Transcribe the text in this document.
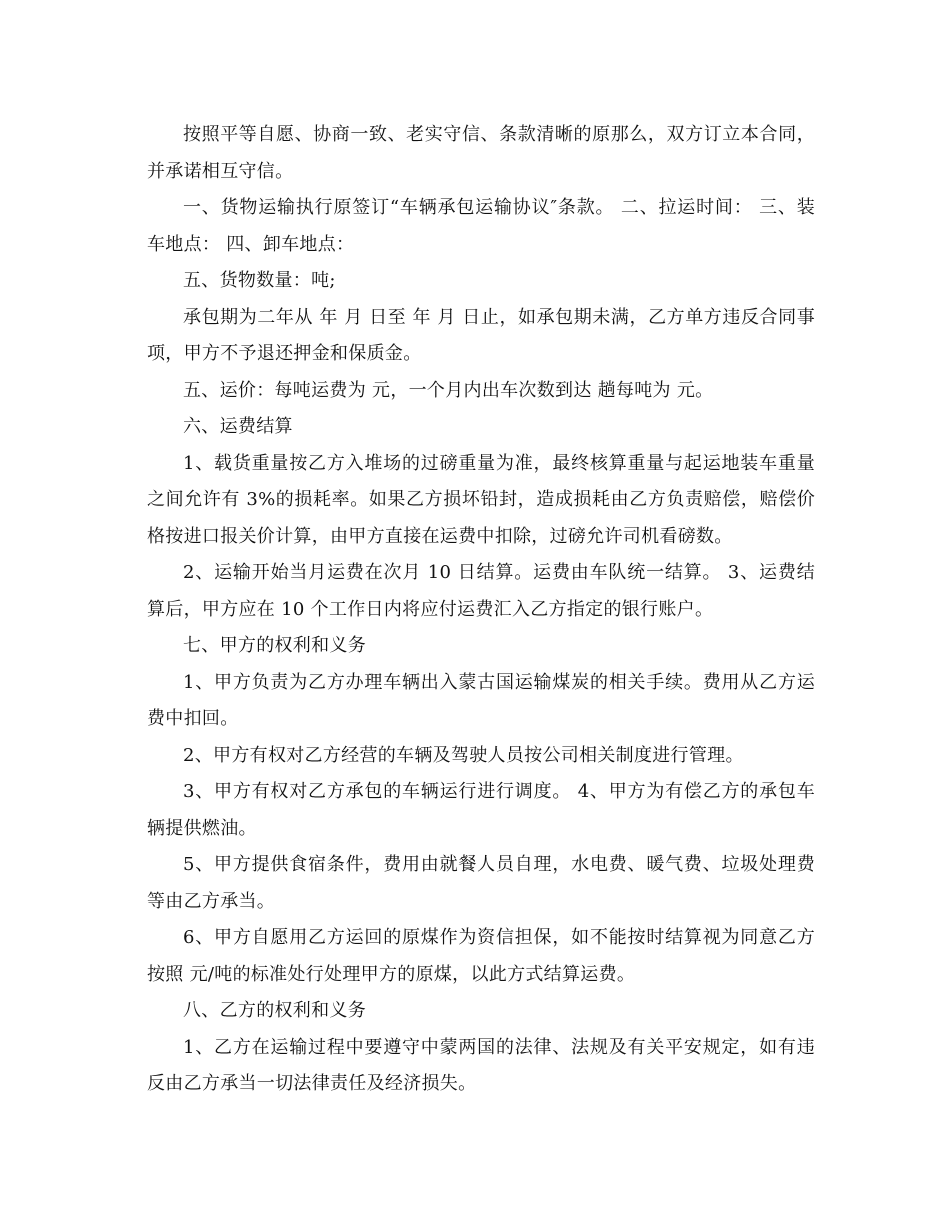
按照平等自愿、协商一致、老实守信、条款清晰的原那么，双方订立本合同，并承诺相互守信。

一、货物运输执行原签订“车辆承包运输协议″条款。 二、拉运时间： 三、装车地点： 四、卸车地点：

五、货物数量：吨;

承包期为二年从 年 月 日至 年 月 日止，如承包期未满，乙方单方违反合同事项，甲方不予退还押金和保质金。

五、运价：每吨运费为 元，一个月内出车次数到达 趟每吨为 元。

六、运费结算

1、载货重量按乙方入堆场的过磅重量为准，最终核算重量与起运地装车重量之间允许有 3%的损耗率。如果乙方损坏铅封，造成损耗由乙方负责赔偿，赔偿价格按进口报关价计算，由甲方直接在运费中扣除，过磅允许司机看磅数。

2、运输开始当月运费在次月 10 日结算。运费由车队统一结算。 3、运费结算后，甲方应在 10 个工作日内将应付运费汇入乙方指定的银行账户。

七、甲方的权利和义务

1、甲方负责为乙方办理车辆出入蒙古国运输煤炭的相关手续。费用从乙方运费中扣回。

2、甲方有权对乙方经营的车辆及驾驶人员按公司相关制度进行管理。

3、甲方有权对乙方承包的车辆运行进行调度。 4、甲方为有偿乙方的承包车辆提供燃油。

5、甲方提供食宿条件，费用由就餐人员自理，水电费、暖气费、垃圾处理费等由乙方承当。

6、甲方自愿用乙方运回的原煤作为资信担保，如不能按时结算视为同意乙方按照 元/吨的标准处行处理甲方的原煤，以此方式结算运费。

八、乙方的权利和义务

1、乙方在运输过程中要遵守中蒙两国的法律、法规及有关平安规定，如有违反由乙方承当一切法律责任及经济损失。
